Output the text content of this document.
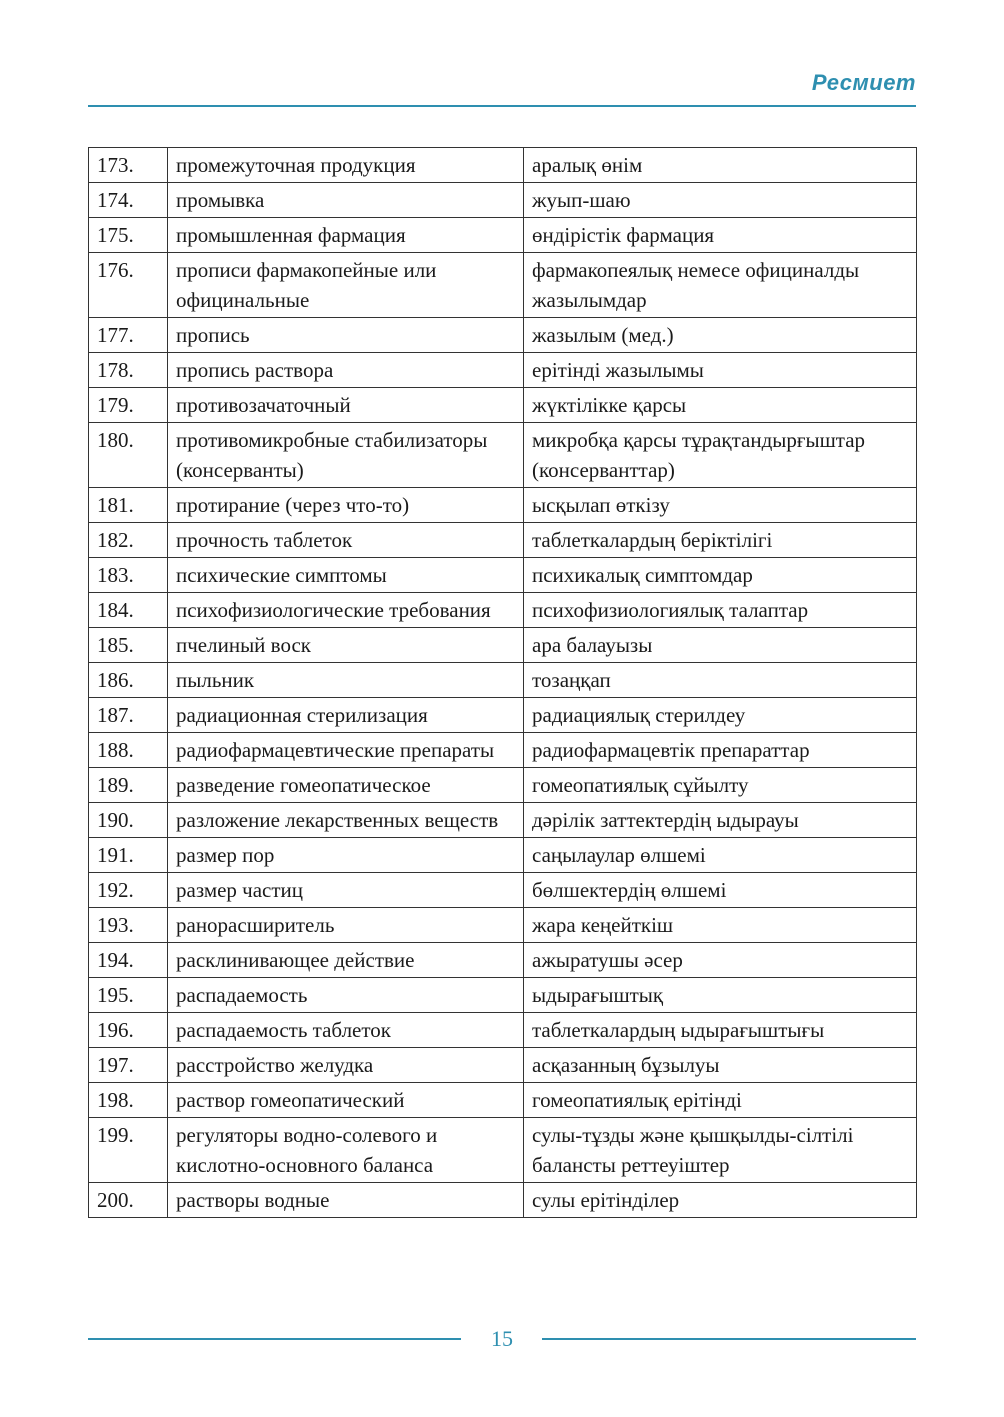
Ресмиет
173.	промежуточная продукция	аралық өнім
174.	промывка	жуып-шаю
175.	промышленная фармация	өндірістік фармация
176.	прописи фармакопейные или официнальные	фармакопеялық немесе официналды жазылымдар
177.	пропись	жазылым (мед.)
178.	пропись раствора	ерітінді жазылымы
179.	противозачаточный	жүктілікке қарсы
180.	противомикробные стабилизаторы (консерванты)	микробқа қарсы тұрақтандырғыштар (консерванттар)
181.	протирание (через что-то)	ысқылап өткізу
182.	прочность таблеток	таблеткалардың беріктілігі
183.	психические симптомы	психикалық симптомдар
184.	психофизиологические требования	психофизиологиялық талаптар
185.	пчелиный воск	ара балауызы
186.	пыльник	тозаңқап
187.	радиационная стерилизация	радиациялық стерилдеу
188.	радиофармацевтические препараты	радиофармацевтік препараттар
189.	разведение гомеопатическое	гомеопатиялық сұйылту
190.	разложение лекарственных веществ	дәрілік заттектердің ыдырауы
191.	размер пор	саңылаулар өлшемі
192.	размер частиц	бөлшектердің өлшемі
193.	ранорасширитель	жара кеңейткіш
194.	расклинивающее действие	ажыратушы әсер
195.	распадаемость	ыдырағыштық
196.	распадаемость таблеток	таблеткалардың ыдырағыштығы
197.	расстройство желудка	асқазанның бұзылуы
198.	раствор гомеопатический	гомеопатиялық ерітінді
199.	регуляторы водно-солевого и кислотно-основного баланса	сулы-тұзды және қышқылды-сілтілі балансты реттеуіштер
200.	растворы водные	сулы ерітінділер
15
